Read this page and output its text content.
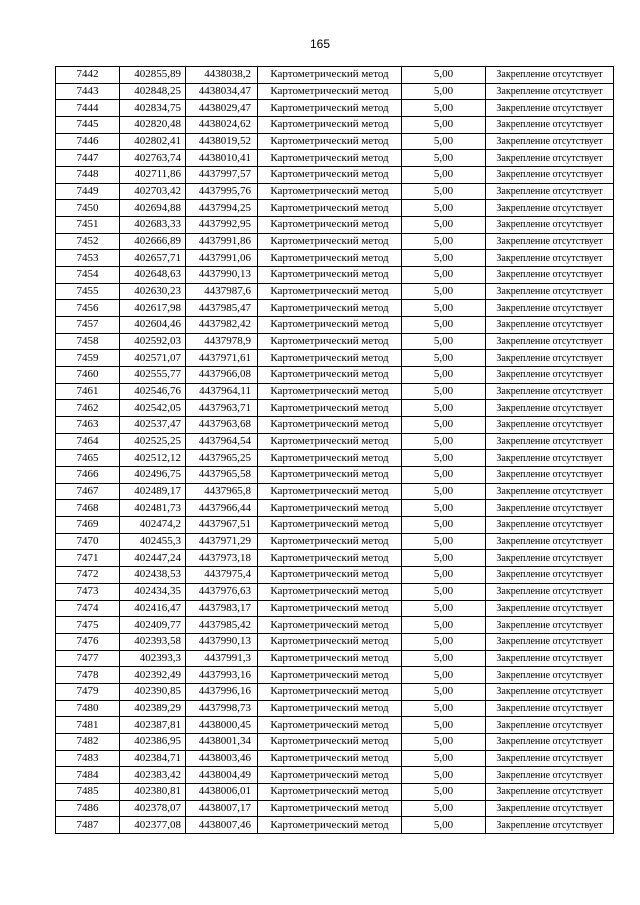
165
7442	402855,89	4438038,2	Картометрический метод	5,00	Закрепление отсутствует
7443	402848,25	4438034,47	Картометрический метод	5,00	Закрепление отсутствует
7444	402834,75	4438029,47	Картометрический метод	5,00	Закрепление отсутствует
7445	402820,48	4438024,62	Картометрический метод	5,00	Закрепление отсутствует
7446	402802,41	4438019,52	Картометрический метод	5,00	Закрепление отсутствует
7447	402763,74	4438010,41	Картометрический метод	5,00	Закрепление отсутствует
7448	402711,86	4437997,57	Картометрический метод	5,00	Закрепление отсутствует
7449	402703,42	4437995,76	Картометрический метод	5,00	Закрепление отсутствует
7450	402694,88	4437994,25	Картометрический метод	5,00	Закрепление отсутствует
7451	402683,33	4437992,95	Картометрический метод	5,00	Закрепление отсутствует
7452	402666,89	4437991,86	Картометрический метод	5,00	Закрепление отсутствует
7453	402657,71	4437991,06	Картометрический метод	5,00	Закрепление отсутствует
7454	402648,63	4437990,13	Картометрический метод	5,00	Закрепление отсутствует
7455	402630,23	4437987,6	Картометрический метод	5,00	Закрепление отсутствует
7456	402617,98	4437985,47	Картометрический метод	5,00	Закрепление отсутствует
7457	402604,46	4437982,42	Картометрический метод	5,00	Закрепление отсутствует
7458	402592,03	4437978,9	Картометрический метод	5,00	Закрепление отсутствует
7459	402571,07	4437971,61	Картометрический метод	5,00	Закрепление отсутствует
7460	402555,77	4437966,08	Картометрический метод	5,00	Закрепление отсутствует
7461	402546,76	4437964,11	Картометрический метод	5,00	Закрепление отсутствует
7462	402542,05	4437963,71	Картометрический метод	5,00	Закрепление отсутствует
7463	402537,47	4437963,68	Картометрический метод	5,00	Закрепление отсутствует
7464	402525,25	4437964,54	Картометрический метод	5,00	Закрепление отсутствует
7465	402512,12	4437965,25	Картометрический метод	5,00	Закрепление отсутствует
7466	402496,75	4437965,58	Картометрический метод	5,00	Закрепление отсутствует
7467	402489,17	4437965,8	Картометрический метод	5,00	Закрепление отсутствует
7468	402481,73	4437966,44	Картометрический метод	5,00	Закрепление отсутствует
7469	402474,2	4437967,51	Картометрический метод	5,00	Закрепление отсутствует
7470	402455,3	4437971,29	Картометрический метод	5,00	Закрепление отсутствует
7471	402447,24	4437973,18	Картометрический метод	5,00	Закрепление отсутствует
7472	402438,53	4437975,4	Картометрический метод	5,00	Закрепление отсутствует
7473	402434,35	4437976,63	Картометрический метод	5,00	Закрепление отсутствует
7474	402416,47	4437983,17	Картометрический метод	5,00	Закрепление отсутствует
7475	402409,77	4437985,42	Картометрический метод	5,00	Закрепление отсутствует
7476	402393,58	4437990,13	Картометрический метод	5,00	Закрепление отсутствует
7477	402393,3	4437991,3	Картометрический метод	5,00	Закрепление отсутствует
7478	402392,49	4437993,16	Картометрический метод	5,00	Закрепление отсутствует
7479	402390,85	4437996,16	Картометрический метод	5,00	Закрепление отсутствует
7480	402389,29	4437998,73	Картометрический метод	5,00	Закрепление отсутствует
7481	402387,81	4438000,45	Картометрический метод	5,00	Закрепление отсутствует
7482	402386,95	4438001,34	Картометрический метод	5,00	Закрепление отсутствует
7483	402384,71	4438003,46	Картометрический метод	5,00	Закрепление отсутствует
7484	402383,42	4438004,49	Картометрический метод	5,00	Закрепление отсутствует
7485	402380,81	4438006,01	Картометрический метод	5,00	Закрепление отсутствует
7486	402378,07	4438007,17	Картометрический метод	5,00	Закрепление отсутствует
7487	402377,08	4438007,46	Картометрический метод	5,00	Закрепление отсутствует
